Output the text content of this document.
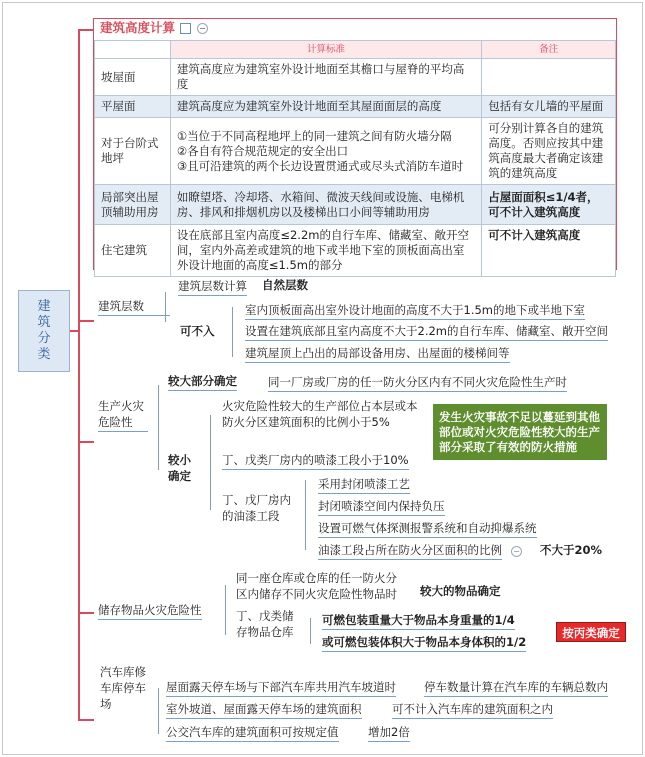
建筑分类
建筑高度计算	−
	计算标准	备注
坡屋面	建筑高度应为建筑室外设计地面至其檐口与屋脊的平均高度	
平屋面	建筑高度应为建筑室外设计地面至其屋面面层的高度	包括有女儿墙的平屋面
对于台阶式地坪	①当位于不同高程地坪上的同一建筑之间有防火墙分隔
②各自有符合规范规定的安全出口
③且可沿建筑的两个长边设置贯通式或尽头式消防车道时	可分别计算各自的建筑高度。否则应按其中建筑高度最大者确定该建筑的建筑高度
局部突出屋顶辅助用房	如瞭望塔、冷却塔、水箱间、微波天线间或设施、电梯机房、排风和排烟机房以及楼梯出口小间等辅助用房	占屋面面积≤1/4者，可不计入建筑高度
住宅建筑	设在底部且室内高度≤2.2m的自行车库、储藏室、敞开空间，室内外高差或建筑的地下或半地下室的顶板面高出室外设计地面的高度≤1.5m的部分	可不计入建筑高度
建筑层数
建筑层数计算 自然层数
可不入
室内顶板面高出室外设计地面的高度不大于1.5m的地下或半地下室
设置在建筑底部且室内高度不大于2.2m的自行车库、储藏室、敞开空间
建筑屋顶上凸出的局部设备用房、出屋面的楼梯间等
生产火灾危险性
较大部分确定	同一厂房或厂房的任一防火分区内有不同火灾危险性生产时
较小确定
火灾危险性较大的生产部位占本层或本防火分区建筑面积的比例小于5%
丁、戊类厂房内的喷漆工段小于10%
丁、戊厂房内的油漆工段
采用封闭喷漆工艺
封闭喷漆空间内保持负压
设置可燃气体探测报警系统和自动抑爆系统
油漆工段占所在防火分区面积的比例 − 不大于20%
发生火灾事故不足以蔓延到其他部位或对火灾危险性较大的生产部分采取了有效的防火措施
储存物品火灾危险性
同一座仓库或仓库的任一防火分区内储存不同火灾危险性物品时	较大的物品确定
丁、戊类储存物品仓库
可燃包装重量大于物品本身重量的1/4
或可燃包装体积大于物品本身体积的1/2
按丙类确定
汽车库修车库停车场
屋面露天停车场与下部汽车库共用汽车坡道时 停车数量计算在汽车库的车辆总数内
室外坡道、屋面露天停车场的建筑面积	可不计入汽车库的建筑面积之内
公交汽车库的建筑面积可按规定值	增加2倍
